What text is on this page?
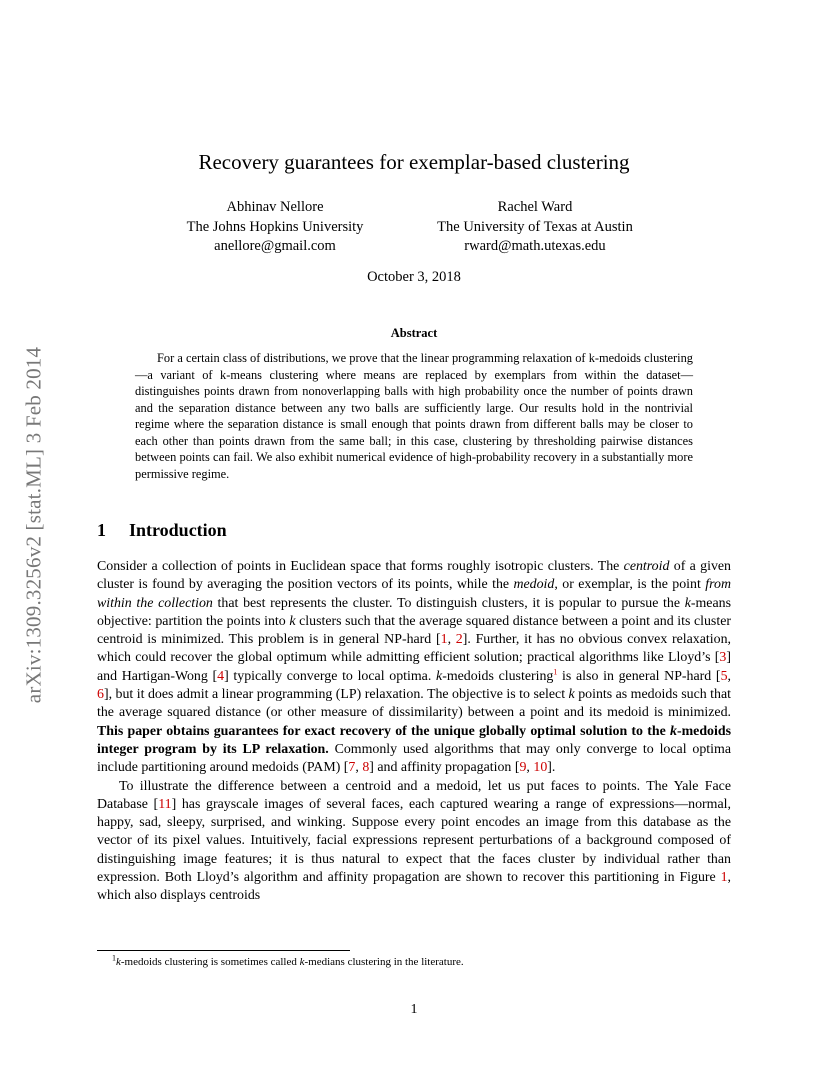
arXiv:1309.3256v2 [stat.ML] 3 Feb 2014
Recovery guarantees for exemplar-based clustering
Abhinav Nellore
The Johns Hopkins University
anellore@gmail.com
Rachel Ward
The University of Texas at Austin
rward@math.utexas.edu
October 3, 2018
Abstract
For a certain class of distributions, we prove that the linear programming relaxation of k-medoids clustering—a variant of k-means clustering where means are replaced by exemplars from within the dataset—distinguishes points drawn from nonoverlapping balls with high probability once the number of points drawn and the separation distance between any two balls are sufficiently large. Our results hold in the nontrivial regime where the separation distance is small enough that points drawn from different balls may be closer to each other than points drawn from the same ball; in this case, clustering by thresholding pairwise distances between points can fail. We also exhibit numerical evidence of high-probability recovery in a substantially more permissive regime.
1 Introduction

Consider a collection of points in Euclidean space that forms roughly isotropic clusters. The centroid of a given cluster is found by averaging the position vectors of its points, while the medoid, or exemplar, is the point from within the collection that best represents the cluster. To distinguish clusters, it is popular to pursue the k-means objective: partition the points into k clusters such that the average squared distance between a point and its cluster centroid is minimized. This problem is in general NP-hard [1, 2]. Further, it has no obvious convex relaxation, which could recover the global optimum while admitting efficient solution; practical algorithms like Lloyd’s [3] and Hartigan-Wong [4] typically converge to local optima. k-medoids clustering$^1$ is also in general NP-hard [5, 6], but it does admit a linear programming (LP) relaxation. The objective is to select k points as medoids such that the average squared distance (or other measure of dissimilarity) between a point and its medoid is minimized. This paper obtains guarantees for exact recovery of the unique globally optimal solution to the k-medoids integer program by its LP relaxation. Commonly used algorithms that may only converge to local optima include partitioning around medoids (PAM) [7, 8] and affinity propagation [9, 10].

To illustrate the difference between a centroid and a medoid, let us put faces to points. The Yale Face Database [11] has grayscale images of several faces, each captured wearing a range of expressions—normal, happy, sad, sleepy, surprised, and winking. Suppose every point encodes an image from this database as the vector of its pixel values. Intuitively, facial expressions represent perturbations of a background composed of distinguishing image features; it is thus natural to expect that the faces cluster by individual rather than expression. Both Lloyd’s algorithm and affinity propagation are shown to recover this partitioning in Figure 1, which also displays centroids

$^1$k-medoids clustering is sometimes called k-medians clustering in the literature.
1
